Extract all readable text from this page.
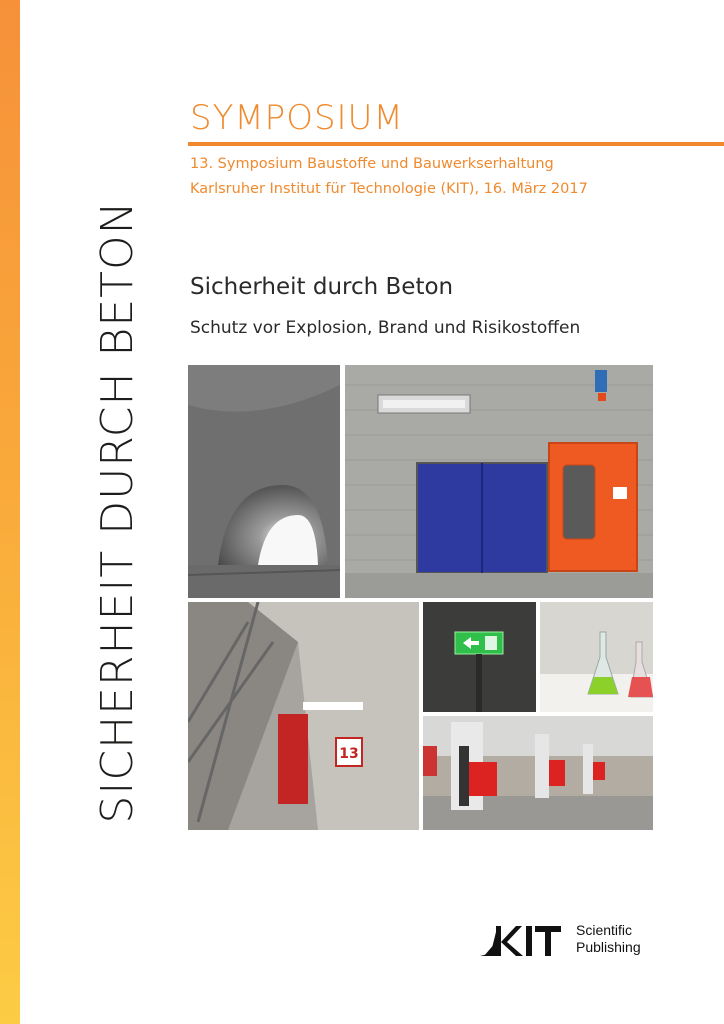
SICHERHEIT DURCH BETON
SYMPOSIUM
13. Symposium Baustoffe und Bauwerkserhaltung
Karlsruher Institut für Technologie (KIT), 16. März 2017
Sicherheit durch Beton
Schutz vor Explosion, Brand und Risikostoffen
13
Scientific
Publishing
